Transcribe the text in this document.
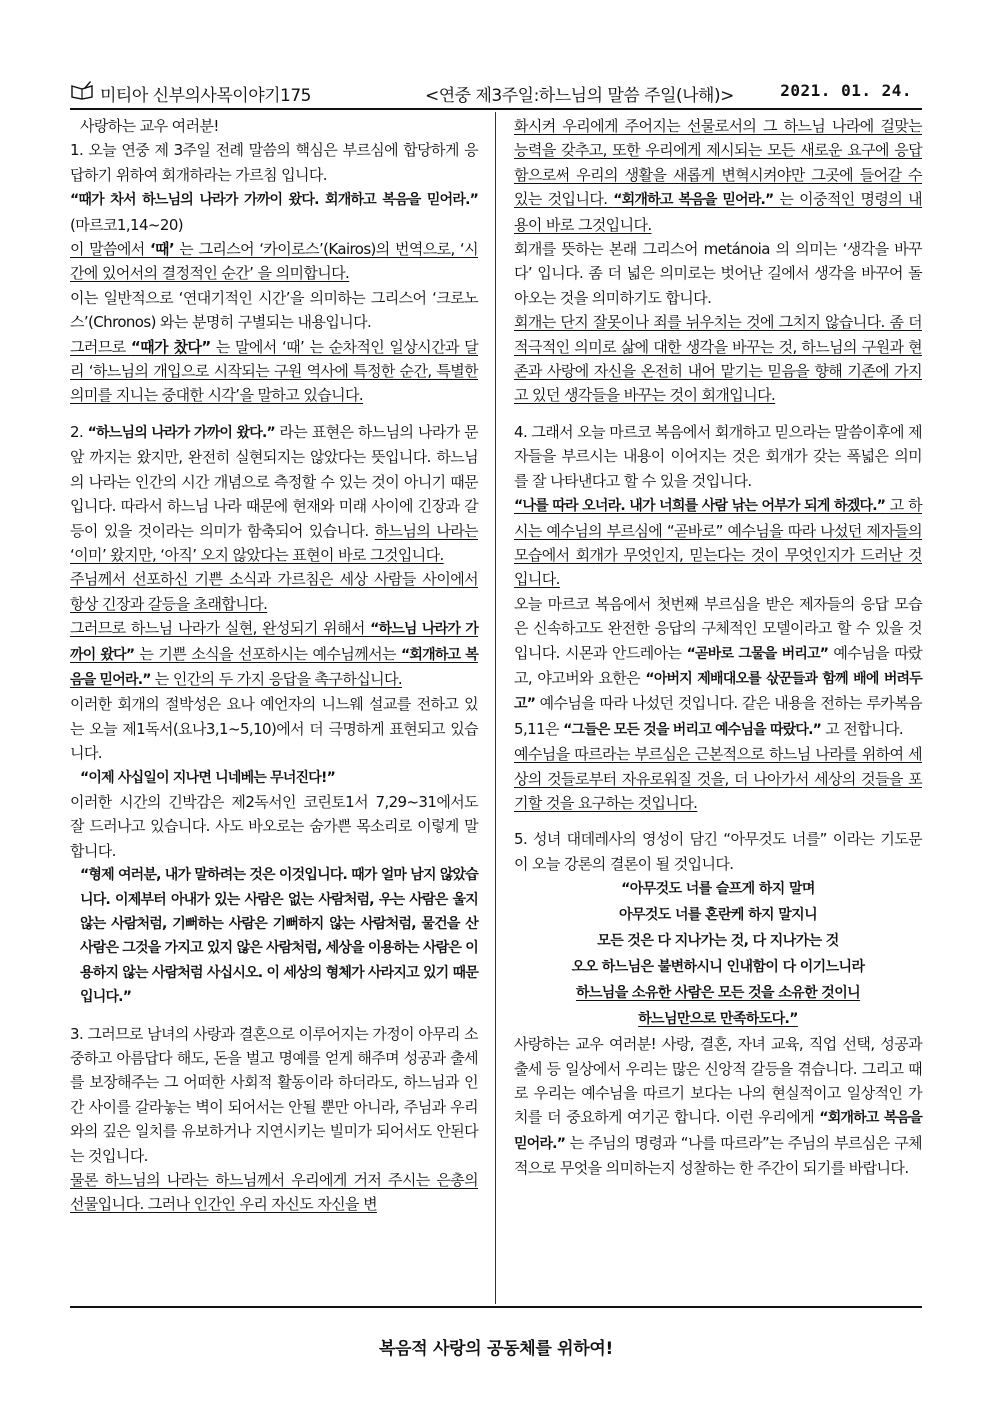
미티아 신부의사목이야기175	<연중 제3주일:하느님의 말씀 주일(나해)>	2021. 01. 24.

사랑하는 교우 여러분!

1. 오늘 연중 제 3주일 전례 말씀의 핵심은 부르심에 합당하게 응답하기 위하여 회개하라는 가르침 입니다.

“때가 차서 하느님의 나라가 가까이 왔다. 회개하고 복음을 믿어라.” (마르코1,14~20)

이 말씀에서 ‘때’ 는 그리스어 ‘카이로스’(Kairos)의 번역으로, ‘시간에 있어서의 결정적인 순간’ 을 의미합니다.

이는 일반적으로 ‘연대기적인 시간’을 의미하는 그리스어 ‘크로노스’(Chronos) 와는 분명히 구별되는 내용입니다.

그러므로 “때가 찼다” 는 말에서 ‘때’ 는 순차적인 일상시간과 달리 ‘하느님의 개입으로 시작되는 구원 역사에 특정한 순간, 특별한 의미를 지니는 중대한 시각’을 말하고 있습니다.

2. “하느님의 나라가 가까이 왔다.” 라는 표현은 하느님의 나라가 문앞 까지는 왔지만, 완전히 실현되지는 않았다는 뜻입니다. 하느님의 나라는 인간의 시간 개념으로 측정할 수 있는 것이 아니기 때문입니다. 따라서 하느님 나라 때문에 현재와 미래 사이에 긴장과 갈등이 있을 것이라는 의미가 함축되어 있습니다. 하느님의 나라는 ‘이미’ 왔지만, ‘아직’ 오지 않았다는 표현이 바로 그것입니다.

주님께서 선포하신 기쁜 소식과 가르침은 세상 사람들 사이에서 항상 긴장과 갈등을 초래합니다.

그러므로 하느님 나라가 실현, 완성되기 위해서 “하느님 나라가 가까이 왔다” 는 기쁜 소식을 선포하시는 예수님께서는 “회개하고 복음을 믿어라.” 는 인간의 두 가지 응답을 촉구하십니다.

이러한 회개의 절박성은 요나 예언자의 니느웨 설교를 전하고 있는 오늘 제1독서(요나3,1~5,10)에서 더 극명하게 표현되고 있습니다.

“이제 사십일이 지나면 니네베는 무너진다!”

이러한 시간의 긴박감은 제2독서인 코린토1서 7,29~31에서도 잘 드러나고 있습니다. 사도 바오로는 숨가쁜 목소리로 이렇게 말합니다.

“형제 여러분, 내가 말하려는 것은 이것입니다. 때가 얼마 남지 않았습니다. 이제부터 아내가 있는 사람은 없는 사람처럼, 우는 사람은 울지 않는 사람처럼, 기뻐하는 사람은 기뻐하지 않는 사람처럼, 물건을 산 사람은 그것을 가지고 있지 않은 사람처럼, 세상을 이용하는 사람은 이용하지 않는 사람처럼 사십시오. 이 세상의 형체가 사라지고 있기 때문입니다.”

3. 그러므로 남녀의 사랑과 결혼으로 이루어지는 가정이 아무리 소중하고 아름답다 해도, 돈을 벌고 명예를 얻게 해주며 성공과 출세를 보장해주는 그 어떠한 사회적 활동이라 하더라도, 하느님과 인간 사이를 갈라놓는 벽이 되어서는 안될 뿐만 아니라, 주님과 우리와의 깊은 일치를 유보하거나 지연시키는 빌미가 되어서도 안된다는 것입니다.

물론 하느님의 나라는 하느님께서 우리에게 거저 주시는 은총의 선물입니다. 그러나 인간인 우리 자신도 자신을 변

화시켜 우리에게 주어지는 선물로서의 그 하느님 나라에 걸맞는 능력을 갖추고, 또한 우리에게 제시되는 모든 새로운 요구에 응답함으로써 우리의 생활을 새롭게 변혁시켜야만 그곳에 들어갈 수 있는 것입니다. “회개하고 복음을 믿어라.” 는 이중적인 명령의 내용이 바로 그것입니다.

회개를 뜻하는 본래 그리스어 metánoia 의 의미는 ‘생각을 바꾸다’ 입니다. 좀 더 넓은 의미로는 벗어난 길에서 생각을 바꾸어 돌아오는 것을 의미하기도 합니다.

회개는 단지 잘못이나 죄를 뉘우치는 것에 그치지 않습니다. 좀 더 적극적인 의미로 삶에 대한 생각을 바꾸는 것, 하느님의 구원과 현존과 사랑에 자신을 온전히 내어 맡기는 믿음을 향해 기존에 가지고 있던 생각들을 바꾸는 것이 회개입니다.

4. 그래서 오늘 마르코 복음에서 회개하고 믿으라는 말씀이후에 제자들을 부르시는 내용이 이어지는 것은 회개가 갖는 폭넓은 의미를 잘 나타낸다고 할 수 있을 것입니다.

“나를 따라 오너라. 내가 너희를 사람 낚는 어부가 되게 하겠다.” 고 하시는 예수님의 부르심에 “곧바로” 예수님을 따라 나섰던 제자들의 모습에서 회개가 무엇인지, 믿는다는 것이 무엇인지가 드러난 것입니다.

오늘 마르코 복음에서 첫번째 부르심을 받은 제자들의 응답 모습은 신속하고도 완전한 응답의 구체적인 모델이라고 할 수 있을 것입니다. 시몬과 안드레아는 “곧바로 그물을 버리고” 예수님을 따랐고, 야고버와 요한은 “아버지 제배대오를 삯꾼들과 함께 배에 버려두고” 예수님을 따라 나섰던 것입니다. 같은 내용을 전하는 루카복음 5,11은 “그들은 모든 것을 버리고 예수님을 따랐다.” 고 전합니다.

예수님을 따르라는 부르심은 근본적으로 하느님 나라를 위하여 세상의 것들로부터 자유로워질 것을, 더 나아가서 세상의 것들을 포기할 것을 요구하는 것입니다.

5. 성녀 대데레사의 영성이 담긴 “아무것도 너를” 이라는 기도문이 오늘 강론의 결론이 될 것입니다.

“아무것도 너를 슬프게 하지 말며

아무것도 너를 혼란케 하지 말지니

모든 것은 다 지나가는 것, 다 지나가는 것

오오 하느님은 불변하시니 인내함이 다 이기느니라

하느님을 소유한 사람은 모든 것을 소유한 것이니

하느님만으로 만족하도다.”

사랑하는 교우 여러분! 사랑, 결혼, 자녀 교육, 직업 선택, 성공과 출세 등 일상에서 우리는 많은 신앙적 갈등을 겪습니다. 그리고 때로 우리는 예수님을 따르기 보다는 나의 현실적이고 일상적인 가치를 더 중요하게 여기곤 합니다. 이런 우리에게 “회개하고 복음을 믿어라.” 는 주님의 명령과 “나를 따르라”는 주님의 부르심은 구체적으로 무엇을 의미하는지 성찰하는 한 주간이 되기를 바랍니다.

복음적 사랑의 공동체를 위하여!
